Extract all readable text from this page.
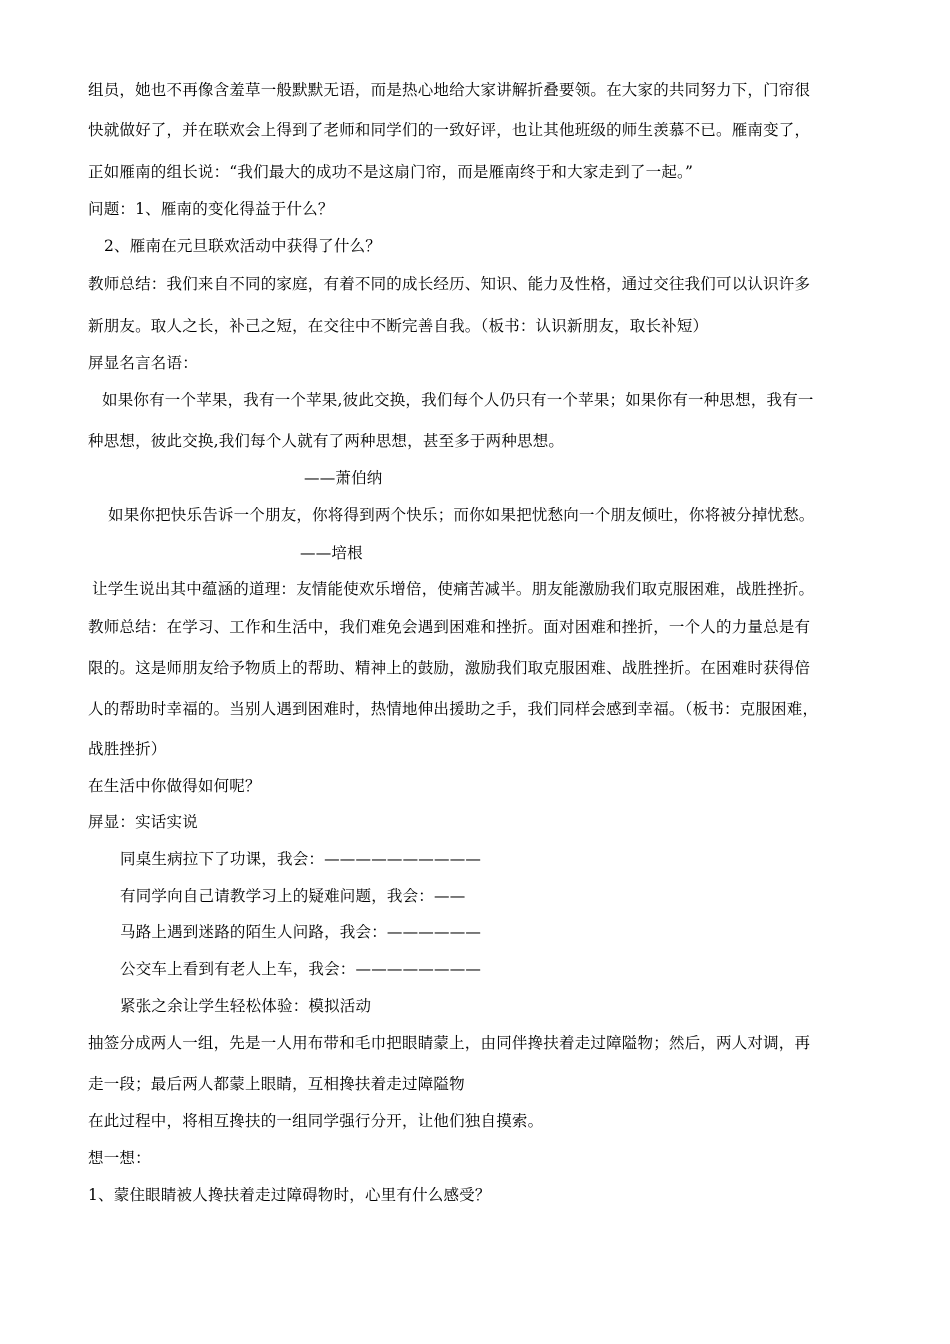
组员，她也不再像含羞草一般默默无语，而是热心地给大家讲解折叠要领。在大家的共同努力下，门帘很
快就做好了，并在联欢会上得到了老师和同学们的一致好评，也让其他班级的师生羡慕不已。雁南变了，
正如雁南的组长说：“我们最大的成功不是这扇门帘，而是雁南终于和大家走到了一起。”
问题：1、雁南的变化得益于什么？
2、雁南在元旦联欢活动中获得了什么？
教师总结：我们来自不同的家庭，有着不同的成长经历、知识、能力及性格，通过交往我们可以认识许多
新朋友。取人之长，补己之短，在交往中不断完善自我。（板书：认识新朋友，取长补短）
屏显名言名语：
如果你有一个苹果，我有一个苹果,彼此交换，我们每个人仍只有一个苹果；如果你有一种思想，我有一
种思想，彼此交换,我们每个人就有了两种思想，甚至多于两种思想。
——萧伯纳
如果你把快乐告诉一个朋友，你将得到两个快乐；而你如果把忧愁向一个朋友倾吐，你将被分掉忧愁。
——培根
让学生说出其中蕴涵的道理：友情能使欢乐增倍，使痛苦减半。朋友能激励我们取克服困难，战胜挫折。
教师总结：在学习、工作和生活中，我们难免会遇到困难和挫折。面对困难和挫折，一个人的力量总是有
限的。这是师朋友给予物质上的帮助、精神上的鼓励，激励我们取克服困难、战胜挫折。在困难时获得倍
人的帮助时幸福的。当别人遇到困难时，热情地伸出援助之手，我们同样会感到幸福。（板书：克服困难，
战胜挫折）
在生活中你做得如何呢？
屏显：实话实说
同桌生病拉下了功课，我会：——————————
有同学向自己请教学习上的疑难问题，我会：——
马路上遇到迷路的陌生人问路，我会：——————
公交车上看到有老人上车，我会：————————
紧张之余让学生轻松体验：模拟活动
抽签分成两人一组，先是一人用布带和毛巾把眼睛蒙上，由同伴搀扶着走过障隘物；然后，两人对调，再
走一段；最后两人都蒙上眼睛，互相搀扶着走过障隘物
在此过程中，将相互搀扶的一组同学强行分开，让他们独自摸索。
想一想：
1、蒙住眼睛被人搀扶着走过障碍物时，心里有什么感受？
